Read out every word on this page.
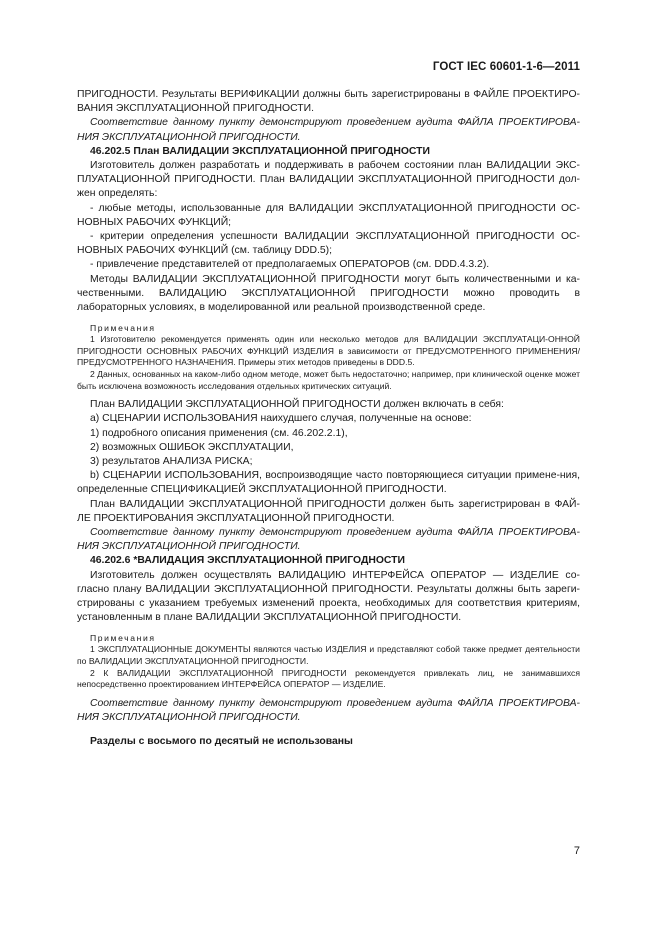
ГОСТ IEC 60601-1-6—2011

ПРИГОДНОСТИ. Результаты ВЕРИФИКАЦИИ должны быть зарегистрированы в ФАЙЛЕ ПРОЕКТИРО-ВАНИЯ ЭКСПЛУАТАЦИОННОЙ ПРИГОДНОСТИ.

Соответствие данному пункту демонстрируют проведением аудита ФАЙЛА ПРОЕКТИРОВА-НИЯ ЭКСПЛУАТАЦИОННОЙ ПРИГОДНОСТИ.

46.202.5 План ВАЛИДАЦИИ ЭКСПЛУАТАЦИОННОЙ ПРИГОДНОСТИ

Изготовитель должен разработать и поддерживать в рабочем состоянии план ВАЛИДАЦИИ ЭКС-ПЛУАТАЦИОННОЙ ПРИГОДНОСТИ. План ВАЛИДАЦИИ ЭКСПЛУАТАЦИОННОЙ ПРИГОДНОСТИ дол-жен определять:

- любые методы, использованные для ВАЛИДАЦИИ ЭКСПЛУАТАЦИОННОЙ ПРИГОДНОСТИ ОС-НОВНЫХ РАБОЧИХ ФУНКЦИЙ;

- критерии определения успешности ВАЛИДАЦИИ ЭКСПЛУАТАЦИОННОЙ ПРИГОДНОСТИ ОС-НОВНЫХ РАБОЧИХ ФУНКЦИЙ (см. таблицу DDD.5);

- привлечение представителей от предполагаемых ОПЕРАТОРОВ (см. DDD.4.3.2).

Методы ВАЛИДАЦИИ ЭКСПЛУАТАЦИОННОЙ ПРИГОДНОСТИ могут быть количественными и ка-чественными. ВАЛИДАЦИЮ ЭКСПЛУАТАЦИОННОЙ ПРИГОДНОСТИ можно проводить в лабораторных условиях, в моделированной или реальной производственной среде.

Примечания

1 Изготовителю рекомендуется применять один или несколько методов для ВАЛИДАЦИИ ЭКСПЛУАТАЦИ-ОННОЙ ПРИГОДНОСТИ ОСНОВНЫХ РАБОЧИХ ФУНКЦИЙ ИЗДЕЛИЯ в зависимости от ПРЕДУСМОТРЕННОГО ПРИМЕНЕНИЯ/ПРЕДУСМОТРЕННОГО НАЗНАЧЕНИЯ. Примеры этих методов приведены в DDD.5.

2 Данных, основанных на каком-либо одном методе, может быть недостаточно; например, при клинической оценке может быть исключена возможность исследования отдельных критических ситуаций.

План ВАЛИДАЦИИ ЭКСПЛУАТАЦИОННОЙ ПРИГОДНОСТИ должен включать в себя:

а) СЦЕНАРИИ ИСПОЛЬЗОВАНИЯ наихудшего случая, полученные на основе:

1) подробного описания применения (см. 46.202.2.1),

2) возможных ОШИБОК ЭКСПЛУАТАЦИИ,

3) результатов АНАЛИЗА РИСКА;

b) СЦЕНАРИИ ИСПОЛЬЗОВАНИЯ, воспроизводящие часто повторяющиеся ситуации примене-ния, определенные СПЕЦИФИКАЦИЕЙ ЭКСПЛУАТАЦИОННОЙ ПРИГОДНОСТИ.

План ВАЛИДАЦИИ ЭКСПЛУАТАЦИОННОЙ ПРИГОДНОСТИ должен быть зарегистрирован в ФАЙ-ЛЕ ПРОЕКТИРОВАНИЯ ЭКСПЛУАТАЦИОННОЙ ПРИГОДНОСТИ.

Соответствие данному пункту демонстрируют проведением аудита ФАЙЛА ПРОЕКТИРОВА-НИЯ ЭКСПЛУАТАЦИОННОЙ ПРИГОДНОСТИ.

46.202.6 *ВАЛИДАЦИЯ ЭКСПЛУАТАЦИОННОЙ ПРИГОДНОСТИ

Изготовитель должен осуществлять ВАЛИДАЦИЮ ИНТЕРФЕЙСА ОПЕРАТОР — ИЗДЕЛИЕ со-гласно плану ВАЛИДАЦИИ ЭКСПЛУАТАЦИОННОЙ ПРИГОДНОСТИ. Результаты должны быть зареги-стрированы с указанием требуемых изменений проекта, необходимых для соответствия критериям, установленным в плане ВАЛИДАЦИИ ЭКСПЛУАТАЦИОННОЙ ПРИГОДНОСТИ.

Примечания

1 ЭКСПЛУАТАЦИОННЫЕ ДОКУМЕНТЫ являются частью ИЗДЕЛИЯ и представляют собой также предмет деятельности по ВАЛИДАЦИИ ЭКСПЛУАТАЦИОННОЙ ПРИГОДНОСТИ.

2 К ВАЛИДАЦИИ ЭКСПЛУАТАЦИОННОЙ ПРИГОДНОСТИ рекомендуется привлекать лиц, не занимавшихся непосредственно проектированием ИНТЕРФЕЙСА ОПЕРАТОР — ИЗДЕЛИЕ.

Соответствие данному пункту демонстрируют проведением аудита ФАЙЛА ПРОЕКТИРОВА-НИЯ ЭКСПЛУАТАЦИОННОЙ ПРИГОДНОСТИ.

Разделы с восьмого по десятый не использованы

7
